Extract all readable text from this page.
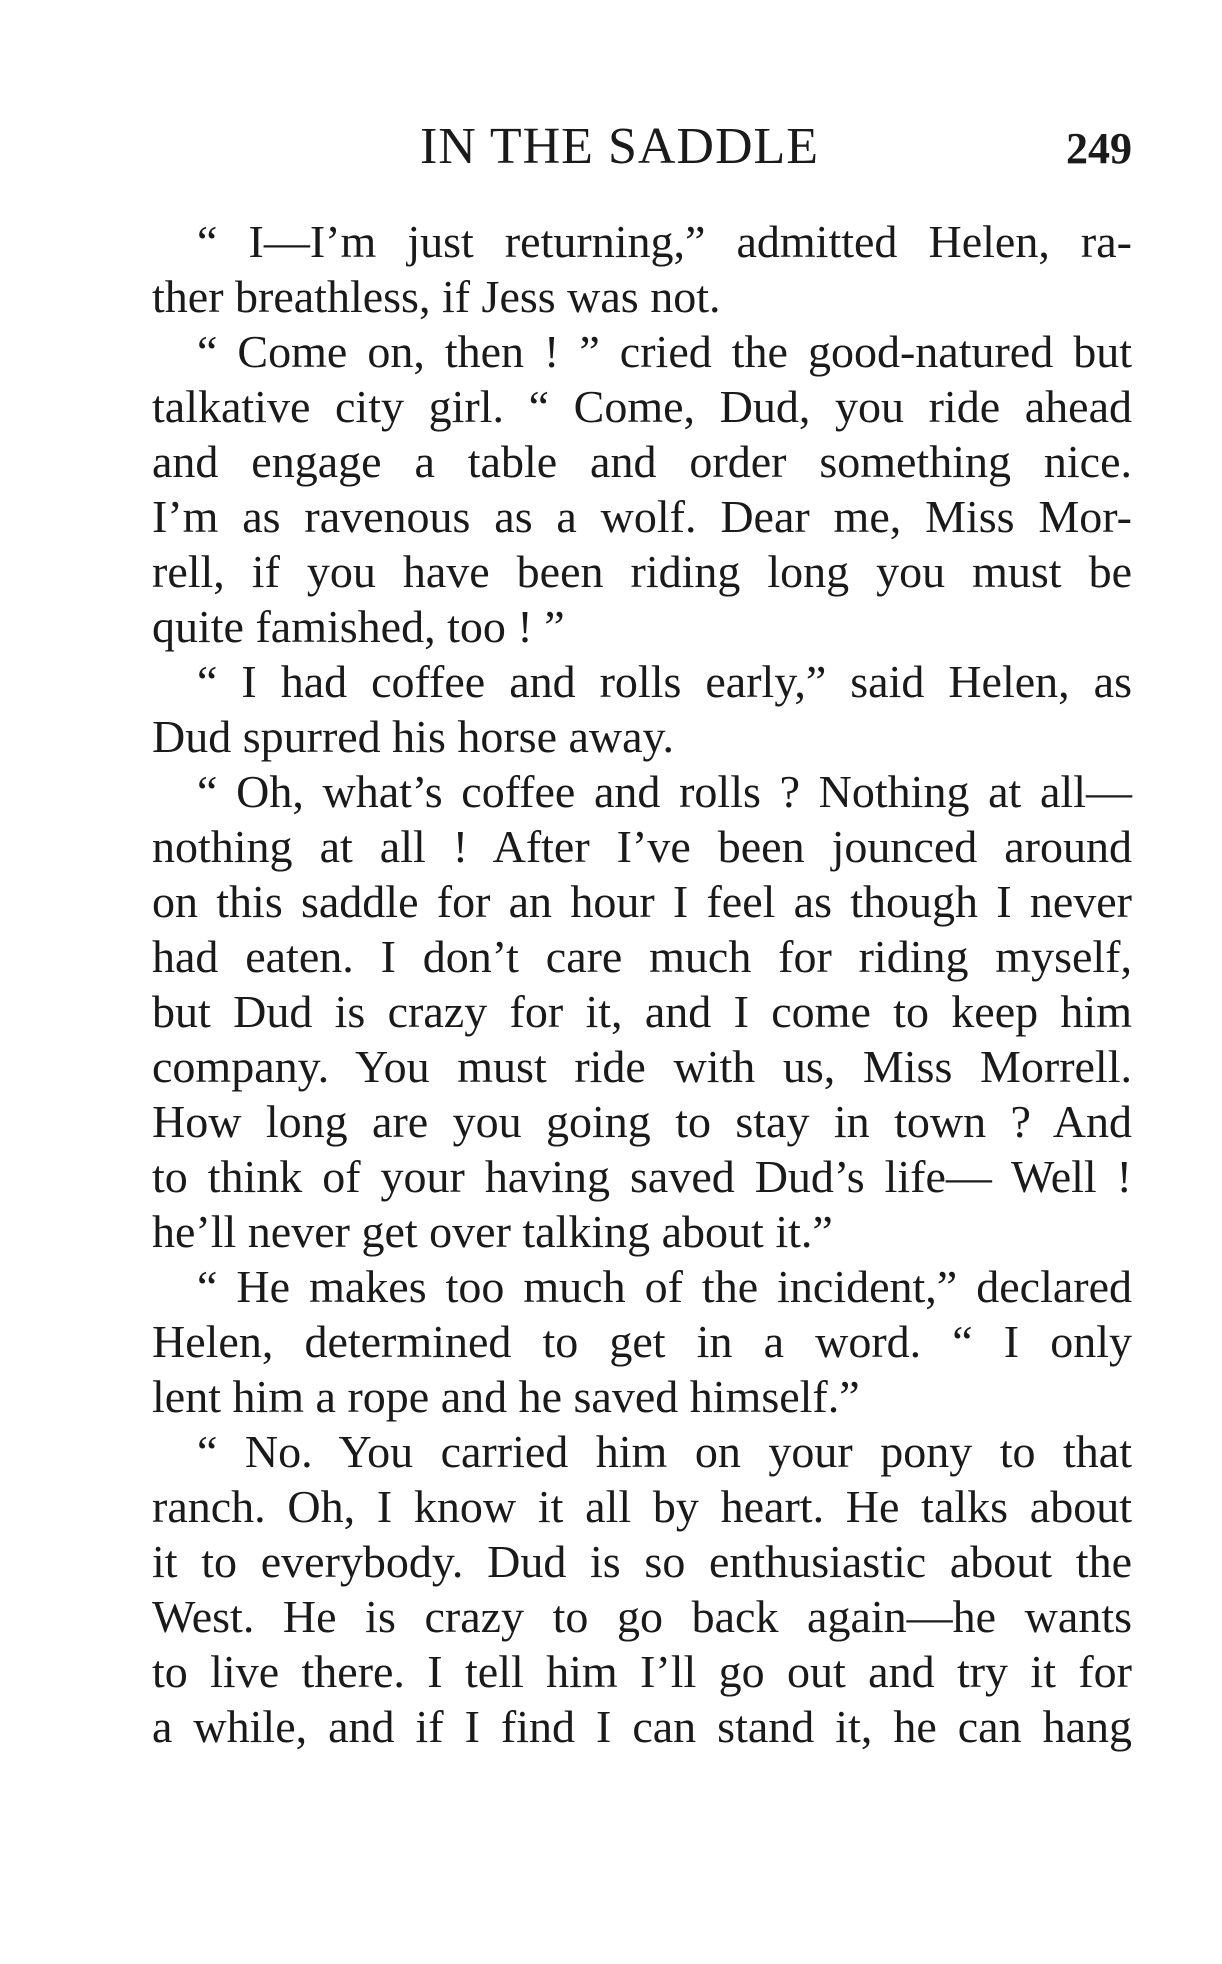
IN THE SADDLE	249
“ I—I’m just returning,” admitted Helen, ra-
ther breathless, if Jess was not.
“ Come on, then ! ” cried the good-natured but
talkative city girl. “ Come, Dud, you ride ahead
and engage a table and order something nice.
I’m as ravenous as a wolf. Dear me, Miss Mor-
rell, if you have been riding long you must be
quite famished, too ! ”
“ I had coffee and rolls early,” said Helen, as
Dud spurred his horse away.
“ Oh, what’s coffee and rolls ? Nothing at all—
nothing at all ! After I’ve been jounced around
on this saddle for an hour I feel as though I never
had eaten. I don’t care much for riding myself,
but Dud is crazy for it, and I come to keep him
company. You must ride with us, Miss Morrell.
How long are you going to stay in town ? And
to think of your having saved Dud’s life— Well !
he’ll never get over talking about it.”
“ He makes too much of the incident,” declared
Helen, determined to get in a word. “ I only
lent him a rope and he saved himself.”
“ No. You carried him on your pony to that
ranch. Oh, I know it all by heart. He talks about
it to everybody. Dud is so enthusiastic about the
West. He is crazy to go back again—he wants
to live there. I tell him I’ll go out and try it for
a while, and if I find I can stand it, he can hang
